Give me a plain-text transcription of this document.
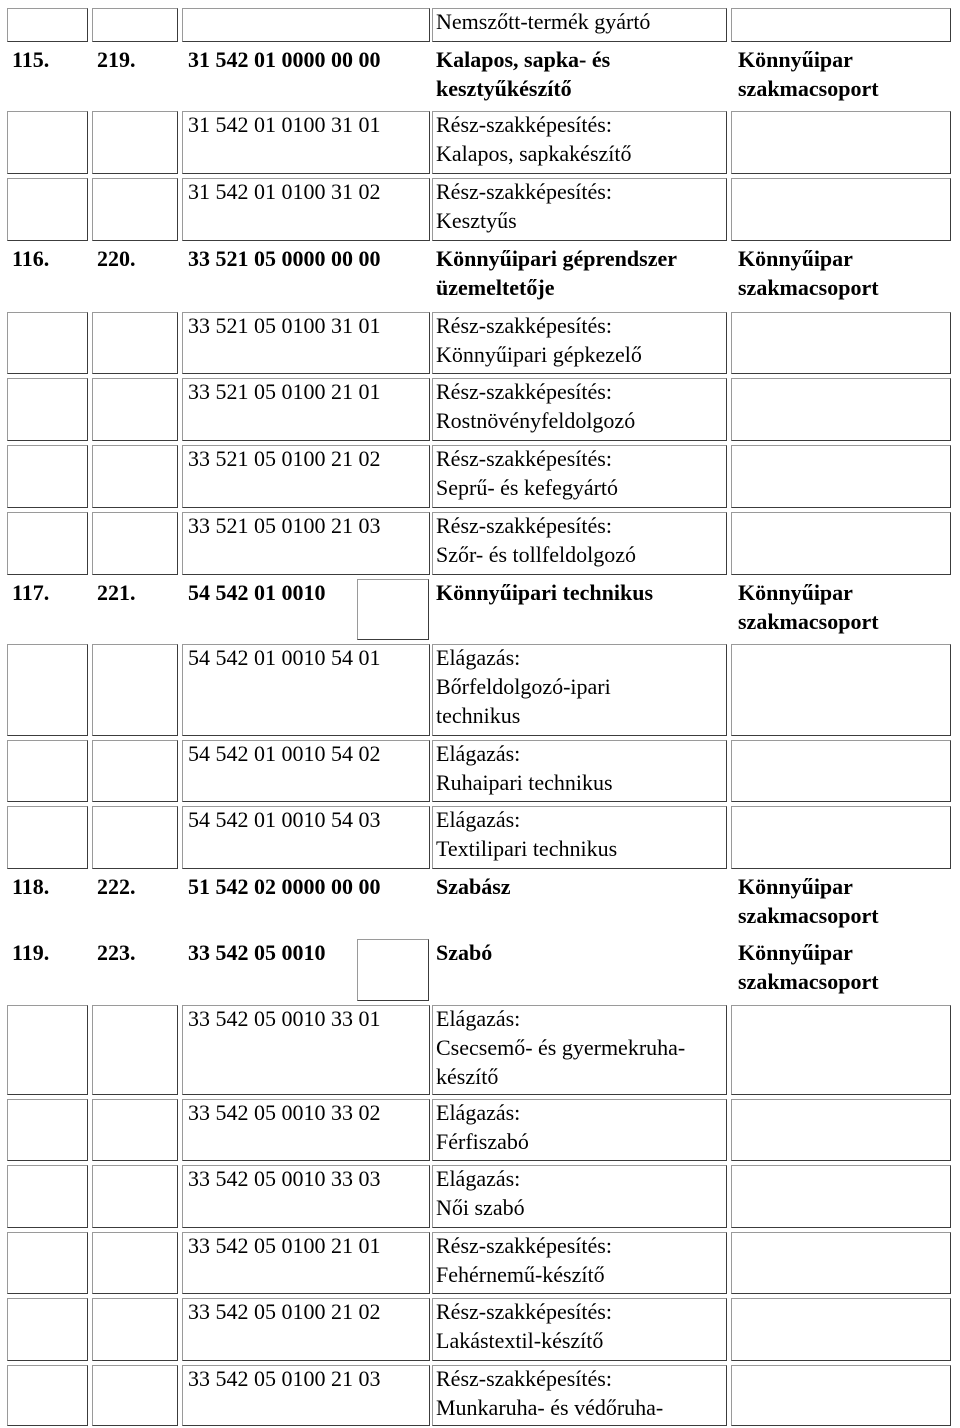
Nemszőtt-termék gyártó
115. 219. 31 542 01 0000 00 00	Kalapos, sapka- és
kesztyűkészítő
Könnyűipar
szakmacsoport
31 542 01 0100 31 01	Rész-szakképesítés:
Kalapos, sapkakészítő
31 542 01 0100 31 02	Rész-szakképesítés:
Kesztyűs
116. 220. 33 521 05 0000 00 00	Könnyűipari géprendszer
üzemeltetője
Könnyűipar
szakmacsoport
33 521 05 0100 31 01	Rész-szakképesítés:
Könnyűipari gépkezelő
33 521 05 0100 21 01	Rész-szakképesítés:
Rostnövényfeldolgozó
33 521 05 0100 21 02	Rész-szakképesítés:
Seprű- és kefegyártó
33 521 05 0100 21 03	Rész-szakképesítés:
Szőr- és tollfeldolgozó
117. 221. 54 542 01 0010	Könnyűipari technikus	Könnyűipar
szakmacsoport
54 542 01 0010 54 01	Elágazás:
Bőrfeldolgozó-ipari
technikus
54 542 01 0010 54 02	Elágazás:
Ruhaipari technikus
54 542 01 0010 54 03	Elágazás:
Textilipari technikus
118. 222. 51 542 02 0000 00 00	Szabász	Könnyűipar
szakmacsoport
119. 223. 33 542 05 0010	Szabó	Könnyűipar
szakmacsoport
33 542 05 0010 33 01	Elágazás:
Csecsemő- és gyermekruha-
készítő
33 542 05 0010 33 02	Elágazás:
Férfiszabó
33 542 05 0010 33 03	Elágazás:
Női szabó
33 542 05 0100 21 01	Rész-szakképesítés:
Fehérnemű-készítő
33 542 05 0100 21 02	Rész-szakképesítés:
Lakástextil-készítő
33 542 05 0100 21 03	Rész-szakképesítés:
Munkaruha- és védőruha-
